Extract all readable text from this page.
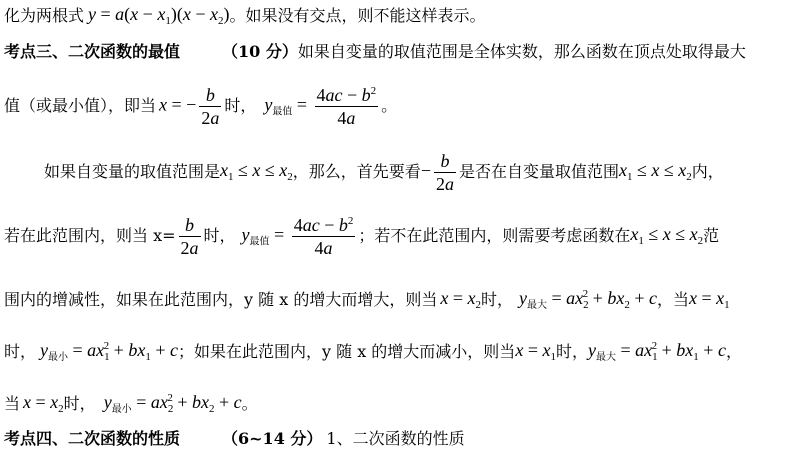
化为两根式 $y = a(x - x_1)(x - x_2)$ 。如果没有交点，则不能这样表示。
考点三、二次函数的最值	（10 分） 如果自变量的取值范围是全体实数，那么函数在顶点处取得最大
值（或最小值），即当 x = − $\frac{b}{2a}$ 时， $y_{最值} = \frac{4ac - b^2}{4a}$ 。
如果自变量的取值范围是 $x_1 \le x \le x_2$ ，那么，首先要看 − $\frac{b}{2a}$ 是否在自变量取值范围 $x_1 \le x \le x_2$ 内，
若在此范围内，则当 $x= \frac{b}{2a}$ 时， $y_{最值} = \frac{4ac - b^2}{4a}$ ；若不在此范围内，则需要考虑函数在 $x_1 \le x \le x_2$ 范
围内的增减性，如果在此范围内，y 随 x 的增大而增大，则当 $x = x_2$ 时， $y_{最大} = ax_2^2 + bx_2 + c$ ，当 $x = x_1$
时， $y_{最小} = ax_1^2 + bx_1 + c$ ；如果在此范围内，y 随 x 的增大而减小，则当 $x = x_1$ 时， $y_{最大} = ax_1^2 + bx_1 + c$ ，
当 $x = x_2$ 时， $y_{最小} = ax_2^2 + bx_2 + c$ 。
考点四、二次函数的性质	（6~14 分） 1、二次函数的性质
